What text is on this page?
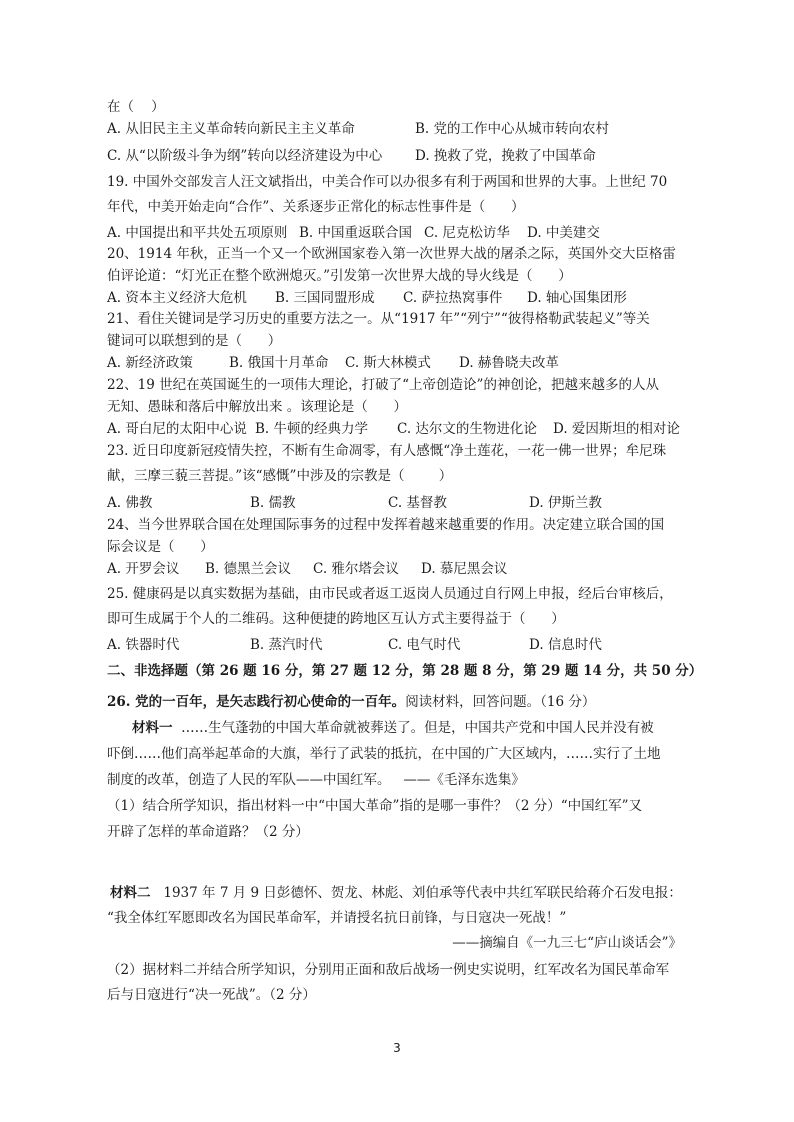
在（    ）
A. 从旧民主主义革命转向新民主主义革命	B. 党的工作中心从城市转向农村
C. 从“以阶级斗争为纲”转向以经济建设为中心 D. 挽救了党，挽救了中国革命
19. 中国外交部发言人汪文斌指出，中美合作可以办很多有利于两国和世界的大事。上世纪 70
年代，中美开始走向“合作”、关系逐步正常化的标志性事件是（      ）
A. 中国提出和平共处五项原则 B. 中国重返联合国 C. 尼克松访华 D. 中美建交
20、1914 年秋，正当一个又一个欧洲国家卷入第一次世界大战的屠杀之际，英国外交大臣格雷
伯评论道：“灯光正在整个欧洲熄灭。”引发第一次世界大战的导火线是（      ）
A. 资本主义经济大危机 B. 三国同盟形成 C. 萨拉热窝事件 D. 轴心国集团形
21、看住关键词是学习历史的重要方法之一。从“1917 年”“列宁”“彼得格勒武装起义”等关
键词可以联想到的是（      ）
A. 新经济政策	B. 俄国十月革命 C. 斯大林模式 D. 赫鲁晓夫改革
22、19 世纪在英国诞生的一项伟大理论，打破了“上帝创造论”的神创论，把越来越多的人从
无知、愚昧和落后中解放出来 。该理论是（      ）
A. 哥白尼的太阳中心说 B. 牛顿的经典力学 C. 达尔文的生物进化论 D. 爱因斯坦的相对论
23. 近日印度新冠疫情失控，不断有生命凋零，有人感慨“净土莲花，一花一佛一世界；牟尼珠
献，三摩三藐三菩提。”该“感慨”中涉及的宗教是（        ）
A. 佛教	B. 儒教	C. 基督教	D. 伊斯兰教
24、当今世界联合国在处理国际事务的过程中发挥着越来越重要的作用。决定建立联合国的国
际会议是（      ）
A. 开罗会议 B. 德黑兰会议 C. 雅尔塔会议 D. 慕尼黑会议
25. 健康码是以真实数据为基础，由市民或者返工返岗人员通过自行网上申报，经后台审核后，
即可生成属于个人的二维码。这种便捷的跨地区互认方式主要得益于（      ）
A. 铁器时代	B. 蒸汽时代	C. 电气时代	D. 信息时代
二、非选择题（第 26 题 16 分，第 27 题 12 分，第 28 题 8 分，第 29 题 14 分，共 50 分）
26. 党的一百年，是矢志践行初心使命的一百年。阅读材料，回答问题。（16 分）
材料一  ……生气蓬勃的中国大革命就被葬送了。但是，中国共产党和中国人民并没有被
吓倒……他们高举起革命的大旗，举行了武装的抵抗，在中国的广大区域内，……实行了土地
制度的改革，创造了人民的军队——中国红军。   ——《毛泽东选集》
（1）结合所学知识，指出材料一中“中国大革命”指的是哪一事件？（2 分）“中国红军”又
开辟了怎样的革命道路？（2 分）
材料二   1937 年 7 月 9 日彭德怀、贺龙、林彪、刘伯承等代表中共红军联民给蒋介石发电报：
“我全体红军愿即改名为国民革命军，并请授名抗日前锋，与日寇决一死战！”
——摘编自《一九三七“庐山谈话会”》
（2）据材料二并结合所学知识，分别用正面和敌后战场一例史实说明，红军改名为国民革命军
后与日寇进行“决一死战”。（2 分）
3
